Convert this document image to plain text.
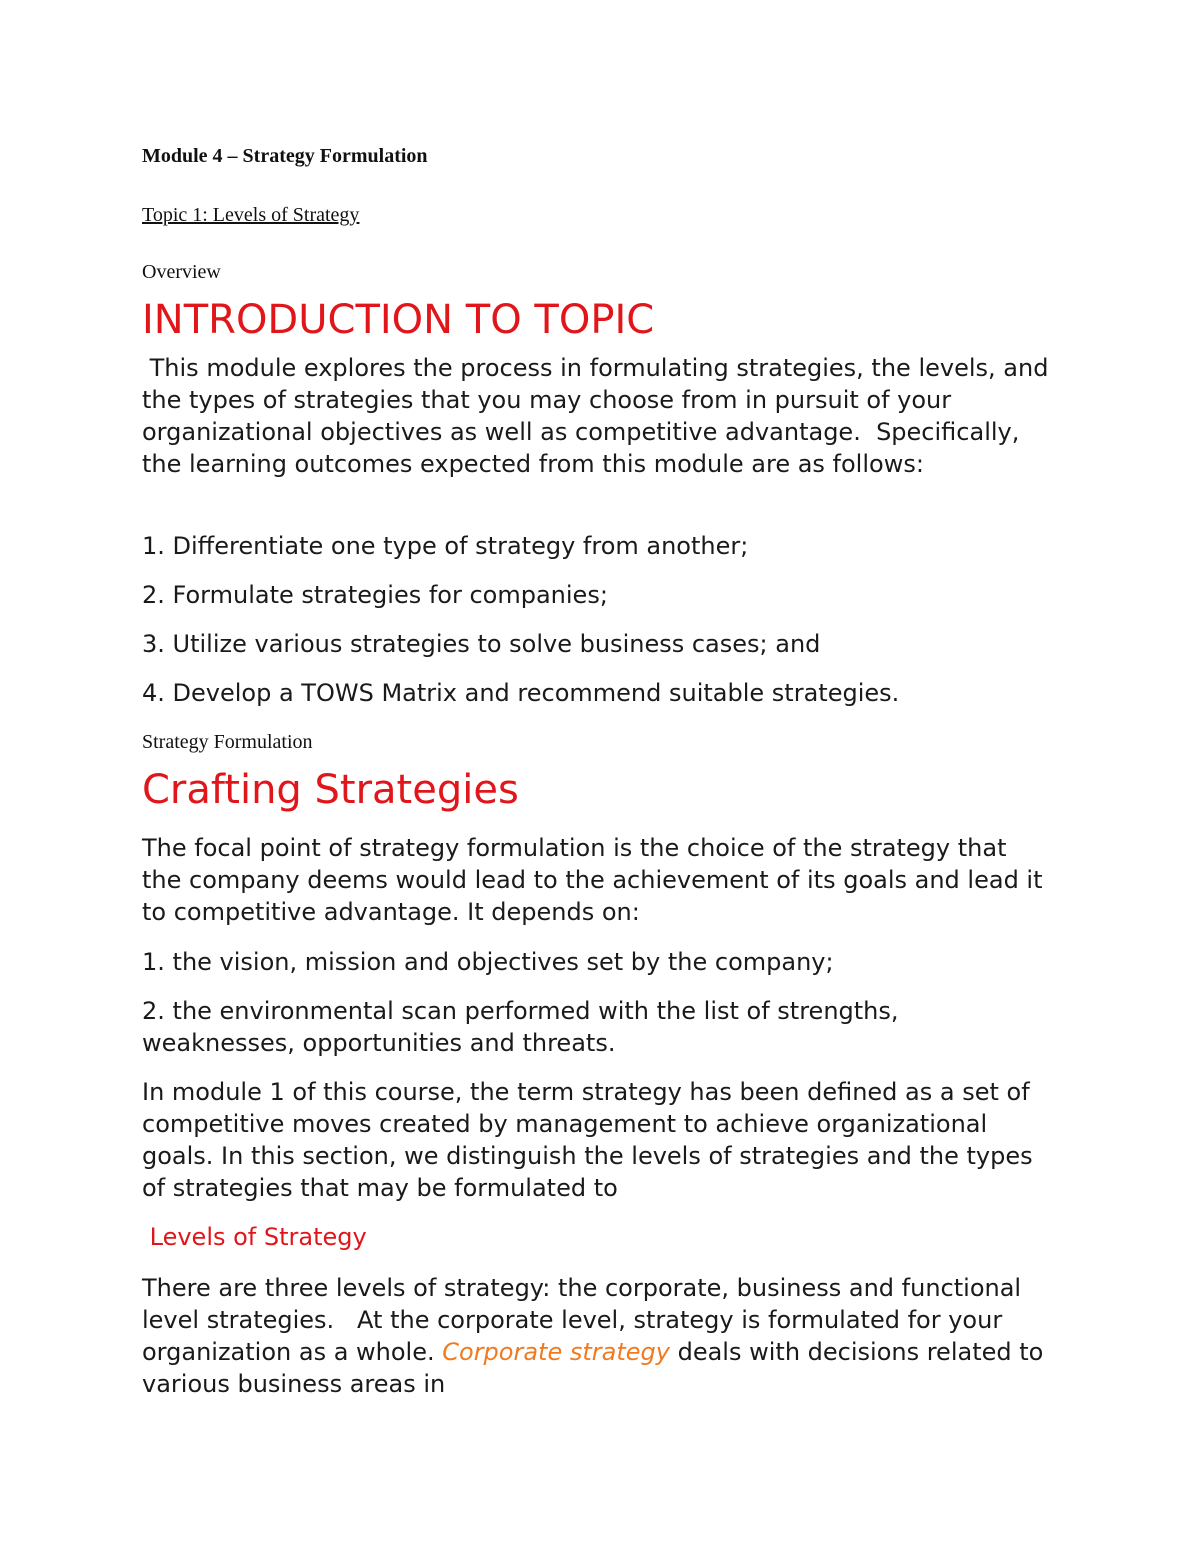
Module 4 – Strategy Formulation
Topic 1: Levels of Strategy
Overview
INTRODUCTION TO TOPIC
This module explores the process in formulating strategies, the levels, and the types of strategies that you may choose from in pursuit of your organizational objectives as well as competitive advantage.  Specifically, the learning outcomes expected from this module are as follows:
1. Differentiate one type of strategy from another;
2. Formulate strategies for companies;
3. Utilize various strategies to solve business cases; and
4. Develop a TOWS Matrix and recommend suitable strategies.
Strategy Formulation
Crafting Strategies
The focal point of strategy formulation is the choice of the strategy that the company deems would lead to the achievement of its goals and lead it to competitive advantage. It depends on:
1. the vision, mission and objectives set by the company;
2. the environmental scan performed with the list of strengths, weaknesses, opportunities and threats.
In module 1 of this course, the term strategy has been defined as a set of competitive moves created by management to achieve organizational goals. In this section, we distinguish the levels of strategies and the types of strategies that may be formulated to
Levels of Strategy
There are three levels of strategy: the corporate, business and functional level strategies.   At the corporate level, strategy is formulated for your organization as a whole. Corporate strategy deals with decisions related to various business areas in
